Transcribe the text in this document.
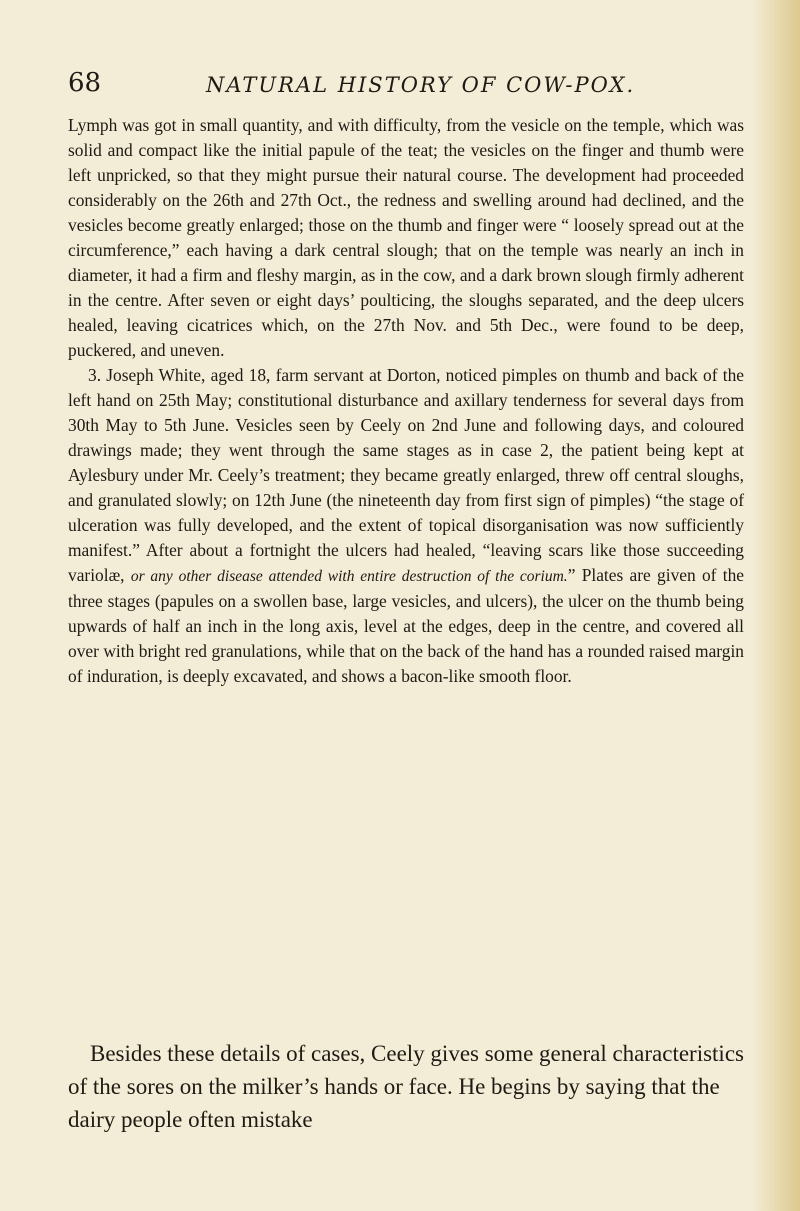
68	NATURAL HISTORY OF COW-POX.

Lymph was got in small quantity, and with difficulty, from the vesicle on the temple, which was solid and compact like the initial papule of the teat; the vesicles on the finger and thumb were left unpricked, so that they might pursue their natural course. The development had proceeded considerably on the 26th and 27th Oct., the redness and swelling around had declined, and the vesicles become greatly enlarged; those on the thumb and finger were “ loosely spread out at the circumference,” each having a dark central slough; that on the temple was nearly an inch in diameter, it had a firm and fleshy margin, as in the cow, and a dark brown slough firmly adherent in the centre. After seven or eight days’ poulticing, the sloughs separated, and the deep ulcers healed, leaving cicatrices which, on the 27th Nov. and 5th Dec., were found to be deep, puckered, and uneven.

3. Joseph White, aged 18, farm servant at Dorton, noticed pimples on thumb and back of the left hand on 25th May; constitutional disturbance and axillary tenderness for several days from 30th May to 5th June. Vesicles seen by Ceely on 2nd June and following days, and coloured drawings made; they went through the same stages as in case 2, the patient being kept at Aylesbury under Mr. Ceely’s treatment; they became greatly enlarged, threw off central sloughs, and granulated slowly; on 12th June (the nineteenth day from first sign of pimples) “the stage of ulceration was fully developed, and the extent of topical disorganisation was now sufficiently manifest.” After about a fortnight the ulcers had healed, “leaving scars like those succeeding variolæ, or any other disease attended with entire destruction of the corium.” Plates are given of the three stages (papules on a swollen base, large vesicles, and ulcers), the ulcer on the thumb being upwards of half an inch in the long axis, level at the edges, deep in the centre, and covered all over with bright red granulations, while that on the back of the hand has a rounded raised margin of induration, is deeply excavated, and shows a bacon-like smooth floor.

Besides these details of cases, Ceely gives some general characteristics of the sores on the milker’s hands or face. He begins by saying that the dairy people often mistake
